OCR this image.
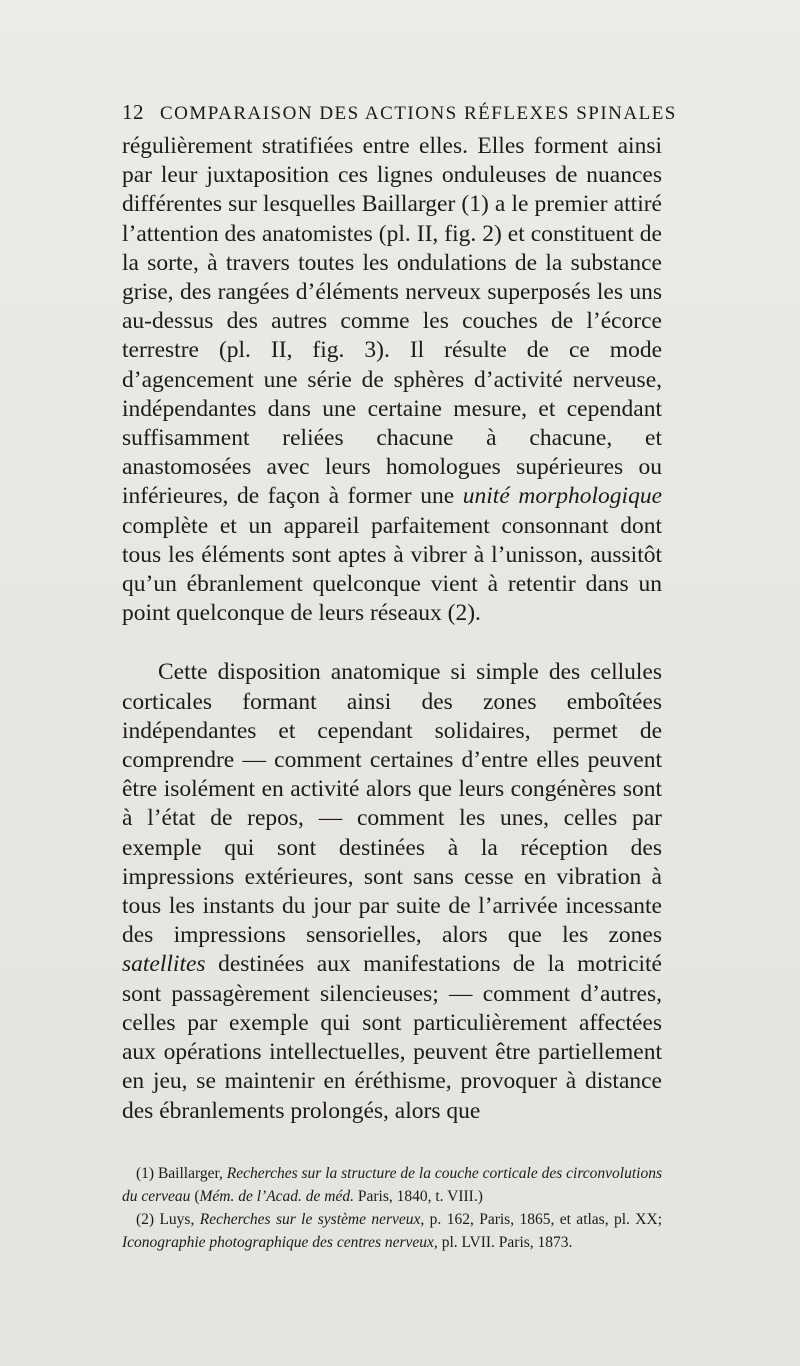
12 COMPARAISON DES ACTIONS RÉFLEXES SPINALES

régulièrement stratifiées entre elles. Elles forment ainsi par leur juxtaposition ces lignes onduleuses de nuances différentes sur lesquelles Baillarger (1) a le premier attiré l’attention des anatomistes (pl. II, fig. 2) et constituent de la sorte, à travers toutes les ondulations de la substance grise, des rangées d’éléments nerveux superposés les uns au-dessus des autres comme les couches de l’écorce terrestre (pl. II, fig. 3). Il résulte de ce mode d’agencement une série de sphères d’activité nerveuse, indépendantes dans une certaine mesure, et cependant suffisamment reliées chacune à chacune, et anastomosées avec leurs homologues supérieures ou inférieures, de façon à former une unité morphologique complète et un appareil parfaitement consonnant dont tous les éléments sont aptes à vibrer à l’unisson, aussitôt qu’un ébranlement quelconque vient à retentir dans un point quelconque de leurs réseaux (2).

Cette disposition anatomique si simple des cellules corticales formant ainsi des zones emboîtées indépendantes et cependant solidaires, permet de comprendre — comment certaines d’entre elles peuvent être isolément en activité alors que leurs congénères sont à l’état de repos, — comment les unes, celles par exemple qui sont destinées à la réception des impressions extérieures, sont sans cesse en vibration à tous les instants du jour par suite de l’arrivée incessante des impressions sensorielles, alors que les zones satellites destinées aux manifestations de la motricité sont passagèrement silencieuses; — comment d’autres, celles par exemple qui sont particulièrement affectées aux opérations intellectuelles, peuvent être partiellement en jeu, se maintenir en éréthisme, provoquer à distance des ébranlements prolongés, alors que

(1) Baillarger, Recherches sur la structure de la couche corticale des circonvolutions du cerveau (Mém. de l’Acad. de méd. Paris, 1840, t. VIII.)

(2) Luys, Recherches sur le système nerveux, p. 162, Paris, 1865, et atlas, pl. XX; Iconographie photographique des centres nerveux, pl. LVII. Paris, 1873.
